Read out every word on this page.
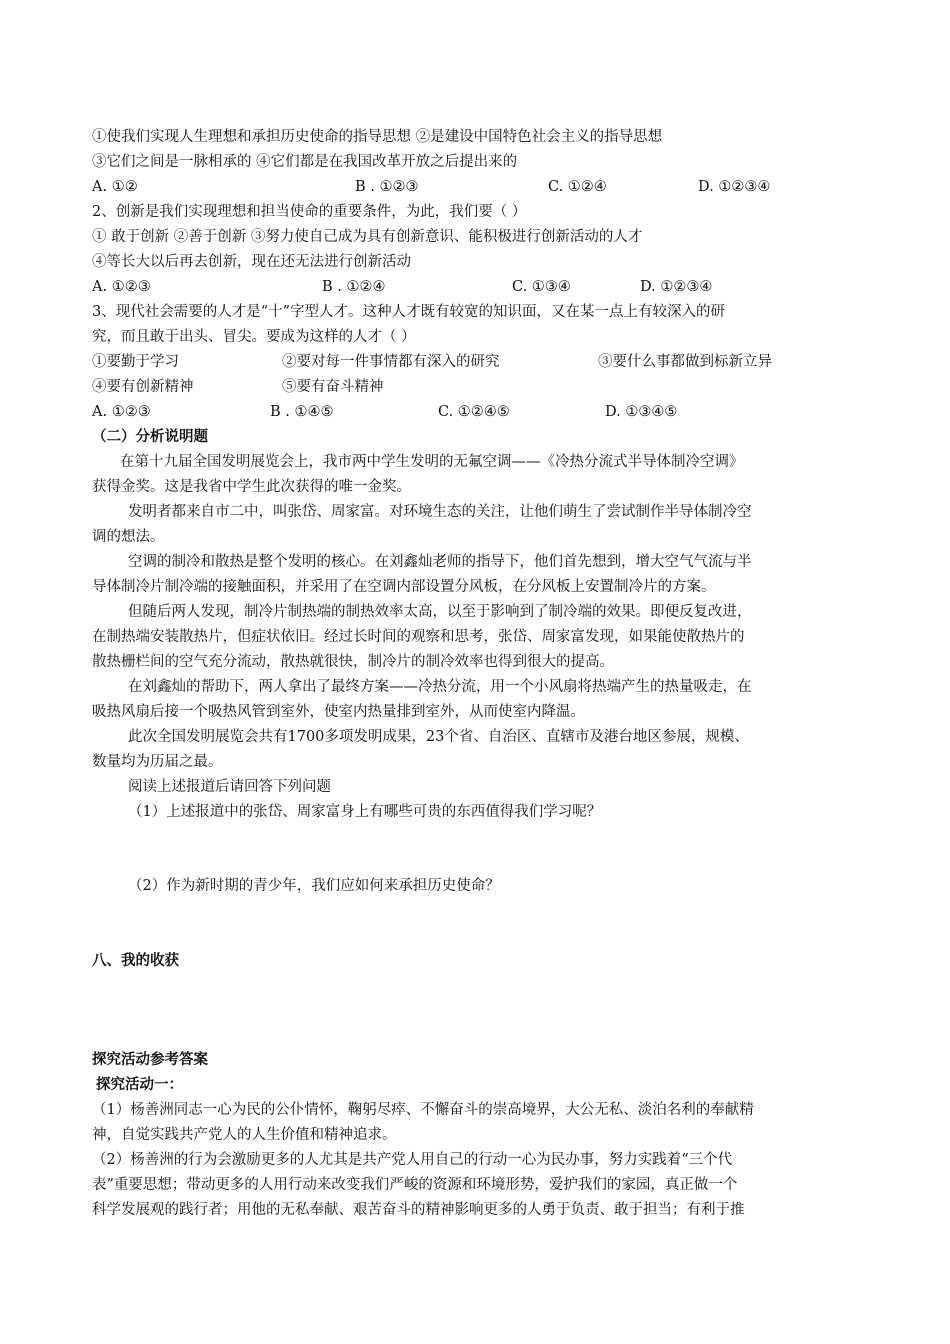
①使我们实现人生理想和承担历史使命的指导思想 ②是建设中国特色社会主义的指导思想
③它们之间是一脉相承的 ④它们都是在我国改革开放之后提出来的
A. ①②	B . ①②③	C. ①②④	D. ①②③④
2、创新是我们实现理想和担当使命的重要条件，为此，我们要（ ）
① 敢于创新 ②善于创新 ③努力使自己成为具有创新意识、能积极进行创新活动的人才
④等长大以后再去创新，现在还无法进行创新活动
A. ①②③	B . ①②④	C. ①③④	D. ①②③④
3、现代社会需要的人才是“十”字型人才。这种人才既有较宽的知识面，又在某一点上有较深入的研
究，而且敢于出头、冒尖。要成为这样的人才（ ）
①要勤于学习	②要对每一件事情都有深入的研究	③要什么事都做到标新立异
④要有创新精神	⑤要有奋斗精神
A. ①②③	B . ①④⑤	C. ①②④⑤	D. ①③④⑤
（二）分析说明题
在第十九届全国发明展览会上，我市两中学生发明的无氟空调——《冷热分流式半导体制冷空调》
获得金奖。这是我省中学生此次获得的唯一金奖。
发明者都来自市二中，叫张岱、周家富。对环境生态的关注，让他们萌生了尝试制作半导体制冷空
调的想法。
空调的制冷和散热是整个发明的核心。在刘鑫灿老师的指导下，他们首先想到，增大空气气流与半
导体制冷片制冷端的接触面积，并采用了在空调内部设置分风板，在分风板上安置制冷片的方案。
但随后两人发现，制冷片制热端的制热效率太高，以至于影响到了制冷端的效果。即便反复改进，
在制热端安装散热片，但症状依旧。经过长时间的观察和思考，张岱、周家富发现，如果能使散热片的
散热栅栏间的空气充分流动，散热就很快，制冷片的制冷效率也得到很大的提高。
在刘鑫灿的帮助下，两人拿出了最终方案——冷热分流，用一个小风扇将热端产生的热量吸走，在
吸热风扇后接一个吸热风管到室外，使室内热量排到室外，从而使室内降温。
此次全国发明展览会共有1700多项发明成果，23个省、自治区、直辖市及港台地区参展，规模、
数量均为历届之最。
阅读上述报道后请回答下列问题
（1）上述报道中的张岱、周家富身上有哪些可贵的东西值得我们学习呢？
（2）作为新时期的青少年，我们应如何来承担历史使命？
八、我的收获
探究活动参考答案
探究活动一：
（1）杨善洲同志一心为民的公仆情怀，鞠躬尽瘁、不懈奋斗的崇高境界，大公无私、淡泊名利的奉献精
神，自觉实践共产党人的人生价值和精神追求。
（2）杨善洲的行为会激励更多的人尤其是共产党人用自己的行动一心为民办事，努力实践着“三个代
表”重要思想；带动更多的人用行动来改变我们严峻的资源和环境形势，爱护我们的家园，真正做一个
科学发展观的践行者；用他的无私奉献、艰苦奋斗的精神影响更多的人勇于负责、敢于担当；有利于推
